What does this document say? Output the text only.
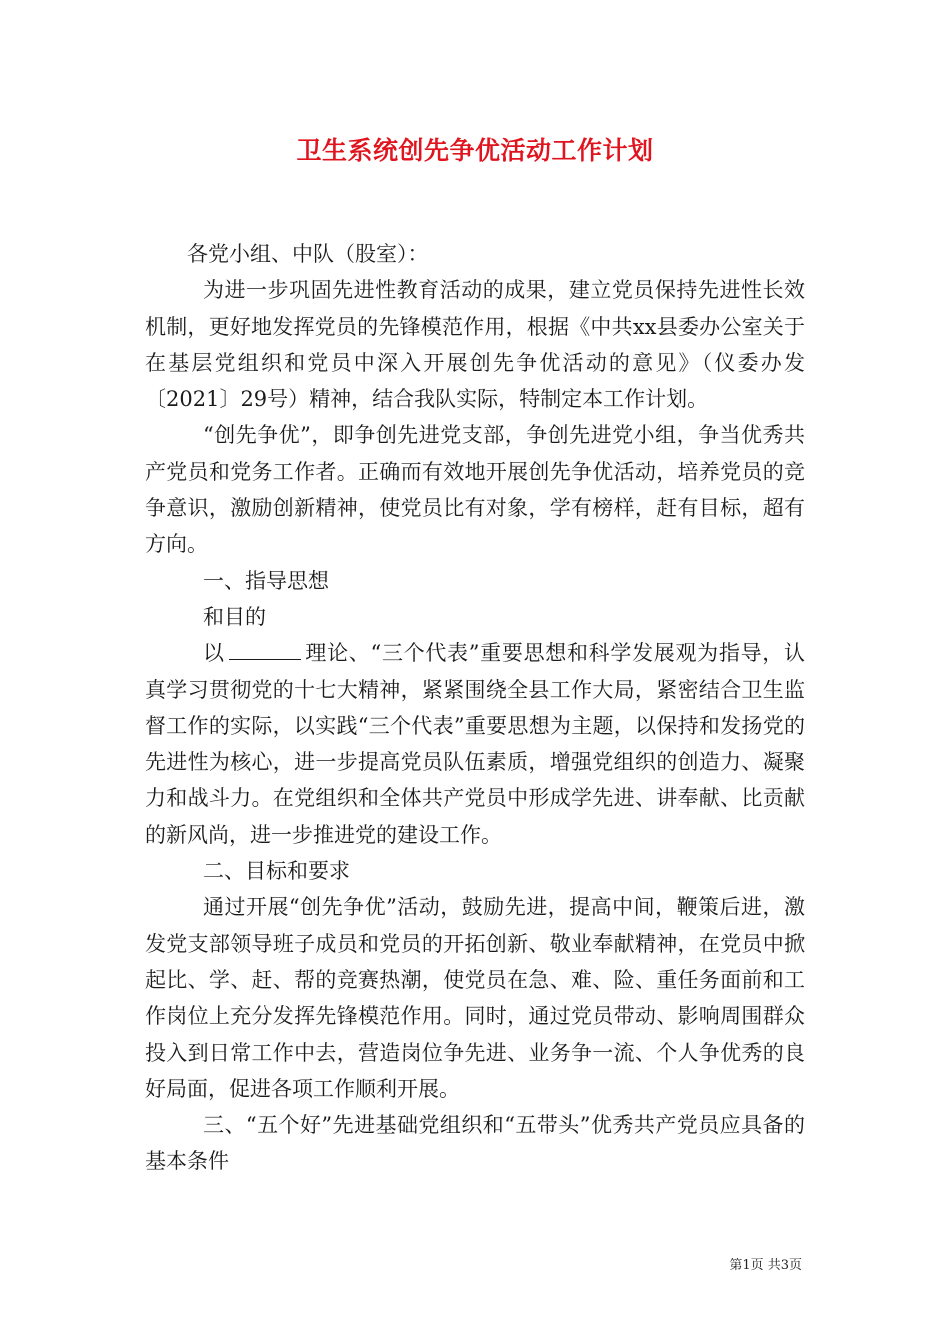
卫生系统创先争优活动工作计划

各党小组、中队（股室）：

为进一步巩固先进性教育活动的成果，建立党员保持先进性长效机制，更好地发挥党员的先锋模范作用，根据《中共xx县委办公室关于在基层党组织和党员中深入开展创先争优活动的意见》（仪委办发〔2021〕29号）精神，结合我队实际，特制定本工作计划。

“创先争优”，即争创先进党支部，争创先进党小组，争当优秀共产党员和党务工作者。正确而有效地开展创先争优活动，培养党员的竞争意识，激励创新精神，使党员比有对象，学有榜样，赶有目标，超有方向。

一、指导思想

和目的

以	理论、“三个代表”重要思想和科学发展观为指导，认真学习贯彻党的十七大精神，紧紧围绕全县工作大局，紧密结合卫生监督工作的实际，以实践“三个代表”重要思想为主题，以保持和发扬党的先进性为核心，进一步提高党员队伍素质，增强党组织的创造力、凝聚力和战斗力。在党组织和全体共产党员中形成学先进、讲奉献、比贡献的新风尚，进一步推进党的建设工作。

二、目标和要求

通过开展“创先争优”活动，鼓励先进，提高中间，鞭策后进，激发党支部领导班子成员和党员的开拓创新、敬业奉献精神，在党员中掀起比、学、赶、帮的竞赛热潮，使党员在急、难、险、重任务面前和工作岗位上充分发挥先锋模范作用。同时，通过党员带动、影响周围群众投入到日常工作中去，营造岗位争先进、业务争一流、个人争优秀的良好局面，促进各项工作顺利开展。

三、“五个好”先进基础党组织和“五带头”优秀共产党员应具备的基本条件

第1页 共3页
